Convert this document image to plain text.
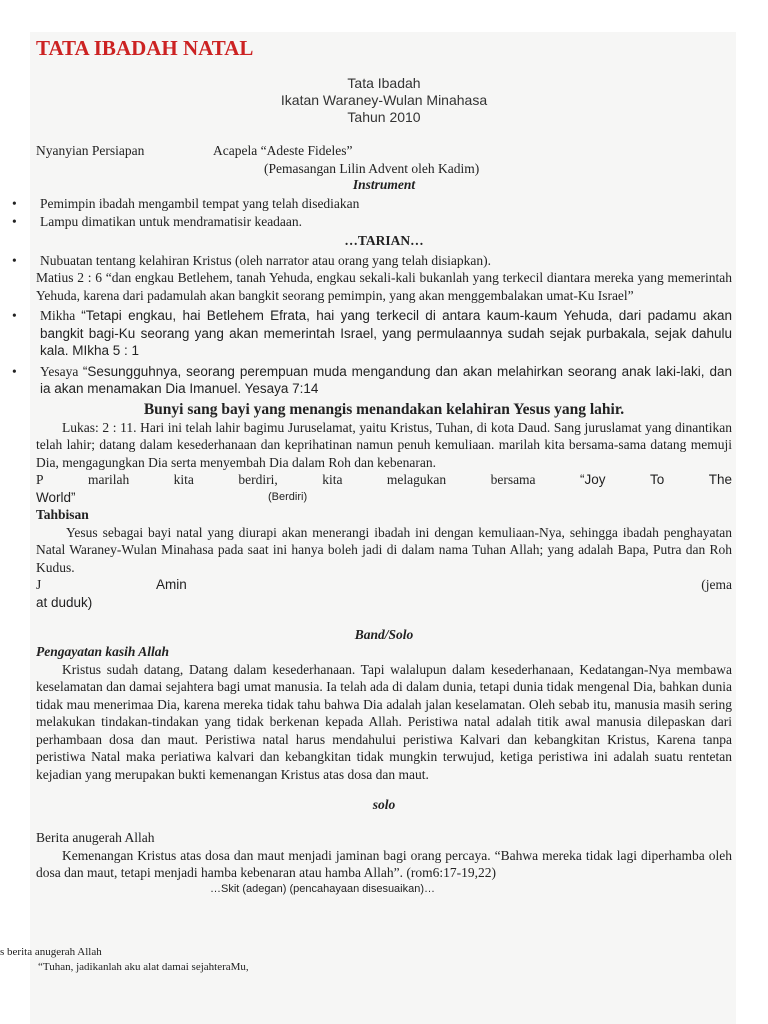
TATA IBADAH NATAL
Tata Ibadah
Ikatan Waraney-Wulan Minahasa
Tahun 2010
Nyanyian Persiapan	Acapela “Adeste Fideles”
(Pemasangan Lilin Advent oleh Kadim)
Instrument
• Pemimpin ibadah mengambil tempat yang telah disediakan
• Lampu dimatikan untuk mendramatisir keadaan.
…TARIAN…
• Nubuatan tentang kelahiran Kristus (oleh narrator atau orang yang telah disiapkan).

Matius 2 : 6 “dan engkau Betlehem, tanah Yehuda, engkau sekali-kali bukanlah yang terkecil diantara mereka yang memerintah Yehuda, karena dari padamulah akan bangkit seorang pemimpin, yang akan menggembalakan umat-Ku Israel”

• Mikha “Tetapi engkau, hai Betlehem Efrata, hai yang terkecil di antara kaum-kaum Yehuda, dari padamu akan bangkit bagi-Ku seorang yang akan memerintah Israel, yang permulaannya sudah sejak purbakala, sejak dahulu kala. MIkha 5 : 1
• Yesaya “Sesungguhnya, seorang perempuan muda mengandung dan akan melahirkan seorang anak laki-laki, dan ia akan menamakan Dia Imanuel. Yesaya 7:14
Bunyi sang bayi yang menangis menandakan kelahiran Yesus yang lahir.

Lukas: 2 : 11. Hari ini telah lahir bagimu Juruselamat, yaitu Kristus, Tuhan, di kota Daud. Sang juruslamat yang dinantikan telah lahir; datang dalam kesederhanaan dan keprihatinan namun penuh kemuliaan. marilah kita bersama-sama datang memuji Dia, mengagungkan Dia serta menyembah Dia dalam Roh dan kebenaran.

P	marilah	kita	berdiri,	kita	melagukan	bersama	“Joy	To	The
World”	(Berdiri)
Tahbisan

Yesus sebagai bayi natal yang diurapi akan menerangi ibadah ini dengan kemuliaan-Nya, sehingga ibadah penghayatan Natal Waraney-Wulan Minahasa pada saat ini hanya boleh jadi di dalam nama Tuhan Allah; yang adalah Bapa, Putra dan Roh Kudus.

J	Amin	(jema
at duduk)
Band/Solo
Pengayatan kasih Allah

Kristus sudah datang, Datang dalam kesederhanaan. Tapi walalupun dalam kesederhanaan, Kedatangan-Nya membawa keselamatan dan damai sejahtera bagi umat manusia. Ia telah ada di dalam dunia, tetapi dunia tidak mengenal Dia, bahkan dunia tidak mau menerimaa Dia, karena mereka tidak tahu bahwa Dia adalah jalan keselamatan. Oleh sebab itu, manusia masih sering melakukan tindakan-tindakan yang tidak berkenan kepada Allah. Peristiwa natal adalah titik awal manusia dilepaskan dari perhambaan dosa dan maut. Peristiwa natal harus mendahului peristiwa Kalvari dan kebangkitan Kristus, Karena tanpa peristiwa Natal maka periatiwa kalvari dan kebangkitan tidak mungkin terwujud, ketiga peristiwa ini adalah suatu rentetan kejadian yang merupakan bukti kemenangan Kristus atas dosa dan maut.

solo
Berita anugerah Allah

Kemenangan Kristus atas dosa dan maut menjadi jaminan bagi orang percaya. “Bahwa mereka tidak lagi diperhamba oleh dosa dan maut, tetapi menjadi hamba kebenaran atau hamba Allah”. (rom6:17-19,22)

…Skit (adegan) (pencahayaan disesuaikan)…
s berita anugerah Allah
“Tuhan, jadikanlah aku alat damai sejahteraMu,
